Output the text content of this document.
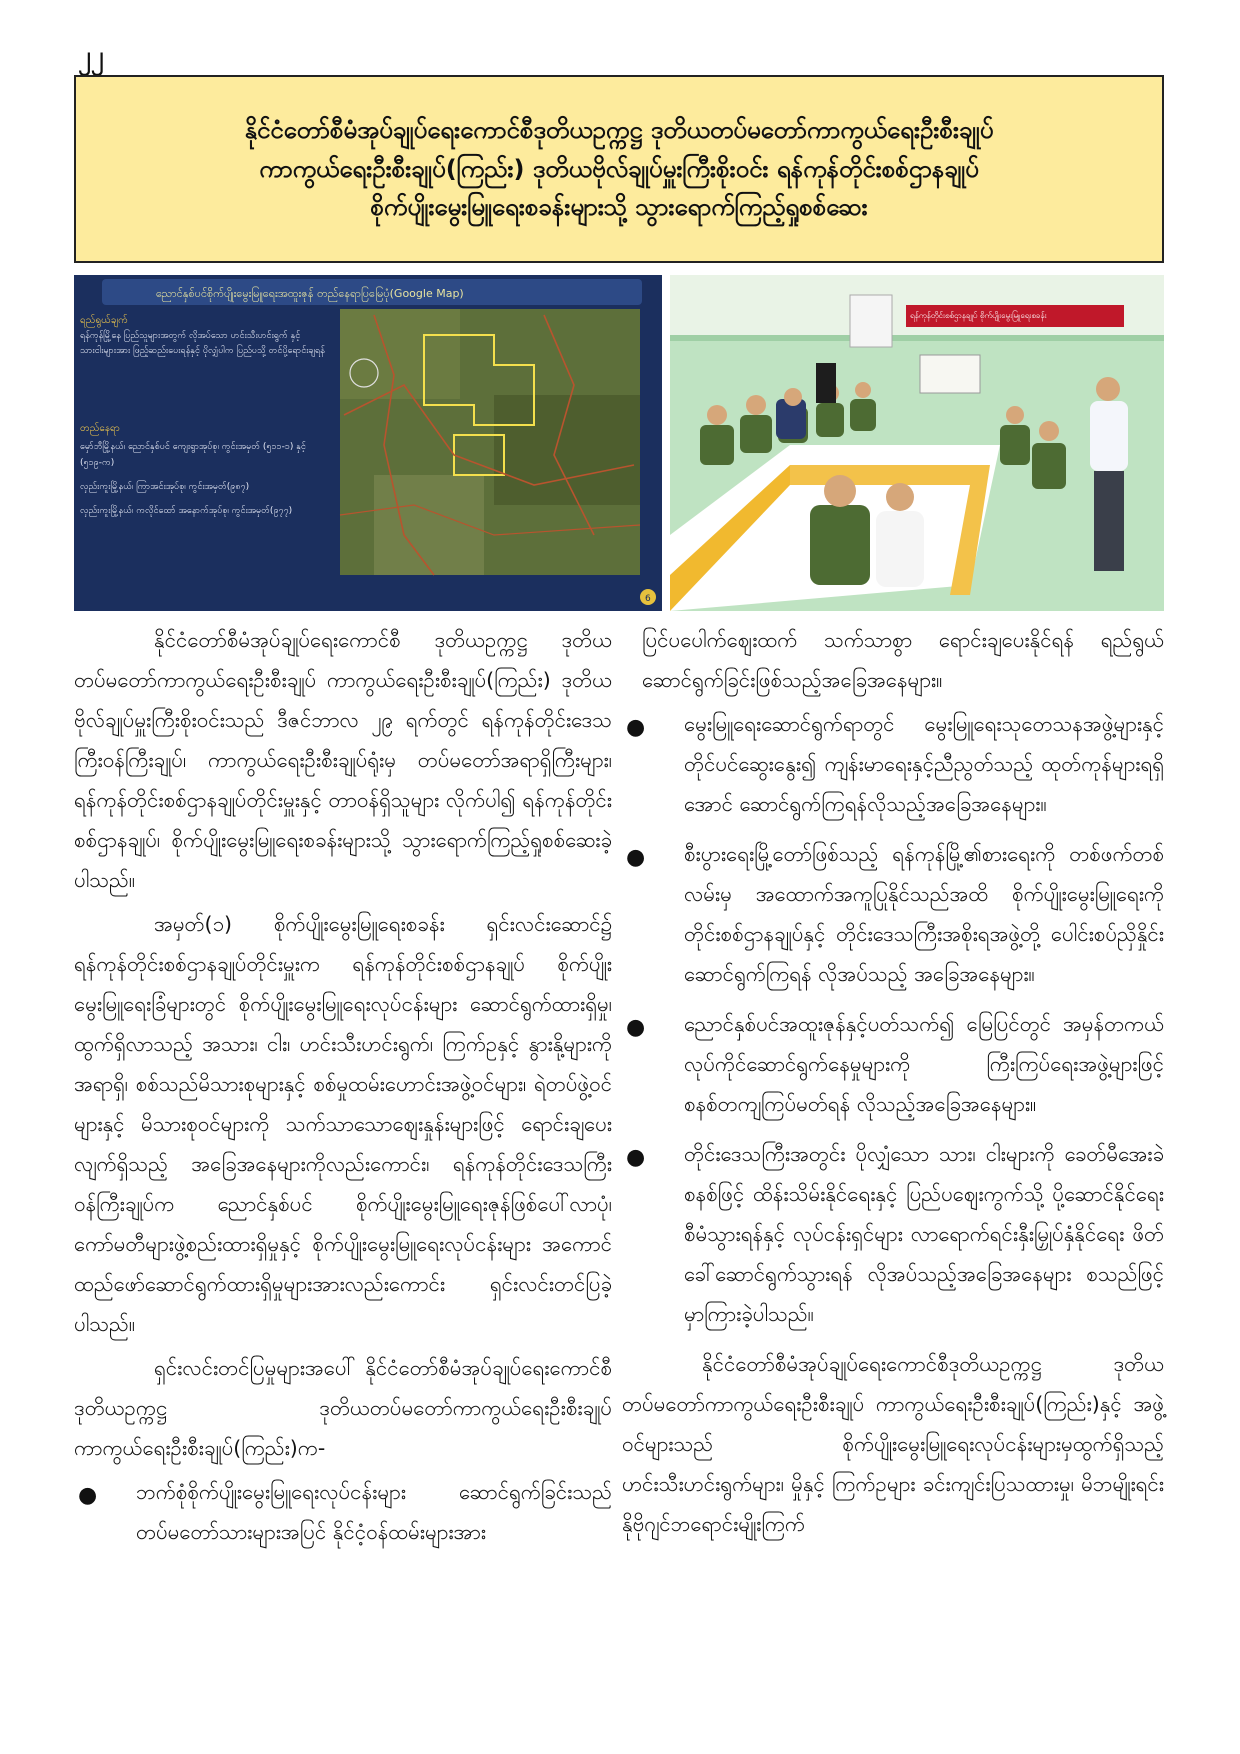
၂၂
နိုင်ငံတော်စီမံအုပ်ချုပ်ရေးကောင်စီဒုတိယဥက္ကဋ္ဌ ဒုတိယတပ်မတော်ကာကွယ်ရေးဦးစီးချုပ်
ကာကွယ်ရေးဦးစီးချုပ်(ကြည်း) ဒုတိယဗိုလ်ချုပ်မှူးကြီးစိုးဝင်း ရန်ကုန်တိုင်းစစ်ဌာနချုပ်
စိုက်ပျိုးမွေးမြူရေးစခန်းများသို့ သွားရောက်ကြည့်ရှုစစ်ဆေး
ညောင်နှစ်ပင်စိုက်ပျိုးမွေးမြူရေးအထူးဇုန် တည်နေရာပြမြေပုံ(Google Map)
ရည်ရွယ်ချက်
ရန်ကုန်မြို့နေ ပြည်သူများအတွက် လိုအပ်သော ဟင်းသီးဟင်းရွက် နှင့် သားငါးများအား ဖြည့်ဆည်းပေးရန်နှင့် ပိုလျှံပါက ပြည်ပသို့ တင်ပို့ရောင်းချရန်
တည်နေရာ
မှော်ဘီမြို့နယ်၊ ညောင်နှစ်ပင် ကျေးရွာအုပ်စု၊ ကွင်းအမှတ် (၅၁၁-၁) နှင့် (၅၁၉-က)
လှည်းကူးမြို့နယ်၊ ကြာအင်းအုပ်စု၊ ကွင်းအမှတ်(၉၈၇)
လှည်းကူးမြို့နယ်၊ ကလိုင်‌ထော် အနောက်အုပ်စု၊ ကွင်းအမှတ်(၉၇၇)
6
ရန်ကုန်တိုင်းစစ်ဌာနချုပ် စိုက်ပျိုးမွေးမြူရေးစခန်း

နိုင်ငံတော်စီမံအုပ်ချုပ်ရေးကောင်စီ ဒုတိယဥက္ကဋ္ဌ ဒုတိယတပ်မတော်ကာကွယ်ရေးဦးစီးချုပ် ကာကွယ်ရေးဦးစီးချုပ်(ကြည်း) ဒုတိယဗိုလ်ချုပ်မှူးကြီးစိုးဝင်းသည် ဒီဇင်ဘာလ ၂၉ ရက်တွင် ရန်ကုန်တိုင်းဒေသကြီးဝန်ကြီးချုပ်၊ ကာကွယ်ရေးဦးစီးချုပ်ရုံးမှ တပ်မတော်အရာရှိကြီးများ၊ ရန်ကုန်တိုင်းစစ်ဌာနချုပ်တိုင်းမှူးနှင့် တာဝန်ရှိသူများ လိုက်ပါ၍ ရန်ကုန်တိုင်းစစ်ဌာနချုပ်၊ စိုက်ပျိုးမွေးမြူရေးစခန်းများသို့ သွားရောက်ကြည့်ရှုစစ်ဆေးခဲ့ပါသည်။

အမှတ်(၁) စိုက်ပျိုးမွေးမြူရေးစခန်း ရှင်းလင်းဆောင်၌ ရန်ကုန်တိုင်းစစ်ဌာနချုပ်တိုင်းမှူးက ရန်ကုန်တိုင်းစစ်ဌာနချုပ် စိုက်ပျိုးမွေးမြူရေးခြံများတွင် စိုက်ပျိုးမွေးမြူရေးလုပ်ငန်းများ ဆောင်ရွက်ထားရှိမှု၊ ထွက်ရှိလာသည့် အသား၊ ငါး၊ ဟင်းသီးဟင်းရွက်၊ ကြက်ဥနှင့် နွားနို့များကို အရာရှိ၊ စစ်သည်မိသားစုများနှင့် စစ်မှုထမ်းဟောင်းအဖွဲ့ဝင်များ၊ ရဲတပ်ဖွဲ့ဝင်များနှင့် မိသားစုဝင်များကို သက်သာသောဈေးနှုန်းများဖြင့် ရောင်းချပေးလျက်ရှိသည့် အခြေအနေများကိုလည်းကောင်း၊ ရန်ကုန်တိုင်းဒေသကြီးဝန်ကြီးချုပ်က ညောင်နှစ်ပင် စိုက်ပျိုးမွေးမြူရေးဇုန်ဖြစ်ပေါ်လာပုံ၊ ကော်မတီများဖွဲ့စည်းထားရှိမှုနှင့် စိုက်ပျိုးမွေးမြူရေးလုပ်ငန်းများ အကောင်ထည်ဖော်ဆောင်ရွက်ထားရှိမှုများအားလည်းကောင်း ရှင်းလင်းတင်ပြခဲ့ပါသည်။

ရှင်းလင်းတင်ပြမှုများအပေါ် နိုင်ငံတော်စီမံအုပ်ချုပ်ရေးကောင်စီဒုတိယဥက္ကဋ္ဌ ဒုတိယတပ်မတော်ကာကွယ်ရေးဦးစီးချုပ် ကာကွယ်ရေးဦးစီးချုပ်(ကြည်း)က-

● ဘက်စုံစိုက်ပျိုးမွေးမြူရေးလုပ်ငန်းများ ဆောင်ရွက်ခြင်းသည် တပ်မတော်သားများအပြင် နိုင်ငံ့ဝန်ထမ်းများအား

ပြင်ပပေါက်ဈေးထက် သက်သာစွာ ရောင်းချပေးနိုင်ရန် ရည်ရွယ်ဆောင်ရွက်ခြင်းဖြစ်သည့်အခြေအနေများ။

● မွေးမြူရေးဆောင်ရွက်ရာတွင် မွေးမြူရေးသုတေသနအဖွဲ့များနှင့် တိုင်ပင်ဆွေးနွေး၍ ကျန်းမာရေးနှင့်ညီညွတ်သည့် ထုတ်ကုန်များရရှိအောင် ဆောင်ရွက်ကြရန်လိုသည့်အခြေအနေများ။
● စီးပွားရေးမြို့တော်ဖြစ်သည့် ရန်ကုန်မြို့၏စားရေးကို တစ်ဖက်တစ်လမ်းမှ အထောက်အကူပြုနိုင်သည်အထိ စိုက်ပျိုးမွေးမြူရေးကို တိုင်းစစ်ဌာနချုပ်နှင့် တိုင်းဒေသကြီးအစိုးရအဖွဲ့တို့ ပေါင်းစပ်ညှိနှိုင်းဆောင်ရွက်ကြရန် လိုအပ်သည့် အခြေအနေများ။
● ညောင်နှစ်ပင်အထူးဇုန်နှင့်ပတ်သက်၍ မြေပြင်တွင် အမှန်တကယ် လုပ်ကိုင်ဆောင်ရွက်နေမှုများကို ကြီးကြပ်ရေးအဖွဲ့များဖြင့် စနစ်တကျကြပ်မတ်ရန် လိုသည့်အခြေအနေများ။
● တိုင်းဒေသကြီးအတွင်း ပိုလျှံသော သား၊ ငါးများကို ခေတ်မီအေးခဲစနစ်ဖြင့် ထိန်းသိမ်းနိုင်ရေးနှင့် ပြည်ပဈေးကွက်သို့ ပို့ဆောင်နိုင်ရေးစီမံသွားရန်နှင့် လုပ်ငန်းရှင်များ လာရောက်ရင်းနှီးမြှုပ်နှံနိုင်ရေး ဖိတ်ခေါ်ဆောင်ရွက်သွားရန် လိုအပ်သည့်အခြေအနေများ စသည်ဖြင့် မှာကြားခဲ့ပါသည်။

နိုင်ငံတော်စီမံအုပ်ချုပ်ရေးကောင်စီဒုတိယဥက္ကဋ္ဌ ဒုတိယတပ်မတော်ကာကွယ်ရေးဦးစီးချုပ် ကာကွယ်ရေးဦးစီးချုပ်(ကြည်း)နှင့် အဖွဲ့ဝင်များသည် စိုက်ပျိုးမွေးမြူရေးလုပ်ငန်းများမှထွက်ရှိသည့် ဟင်းသီးဟင်းရွက်များ၊ မှိုနှင့် ကြက်ဥများ ခင်းကျင်းပြသထားမှု၊ မိဘမျိုးရင်းနိုဗိုဂျင်ဘရောင်းမျိုးကြက်
